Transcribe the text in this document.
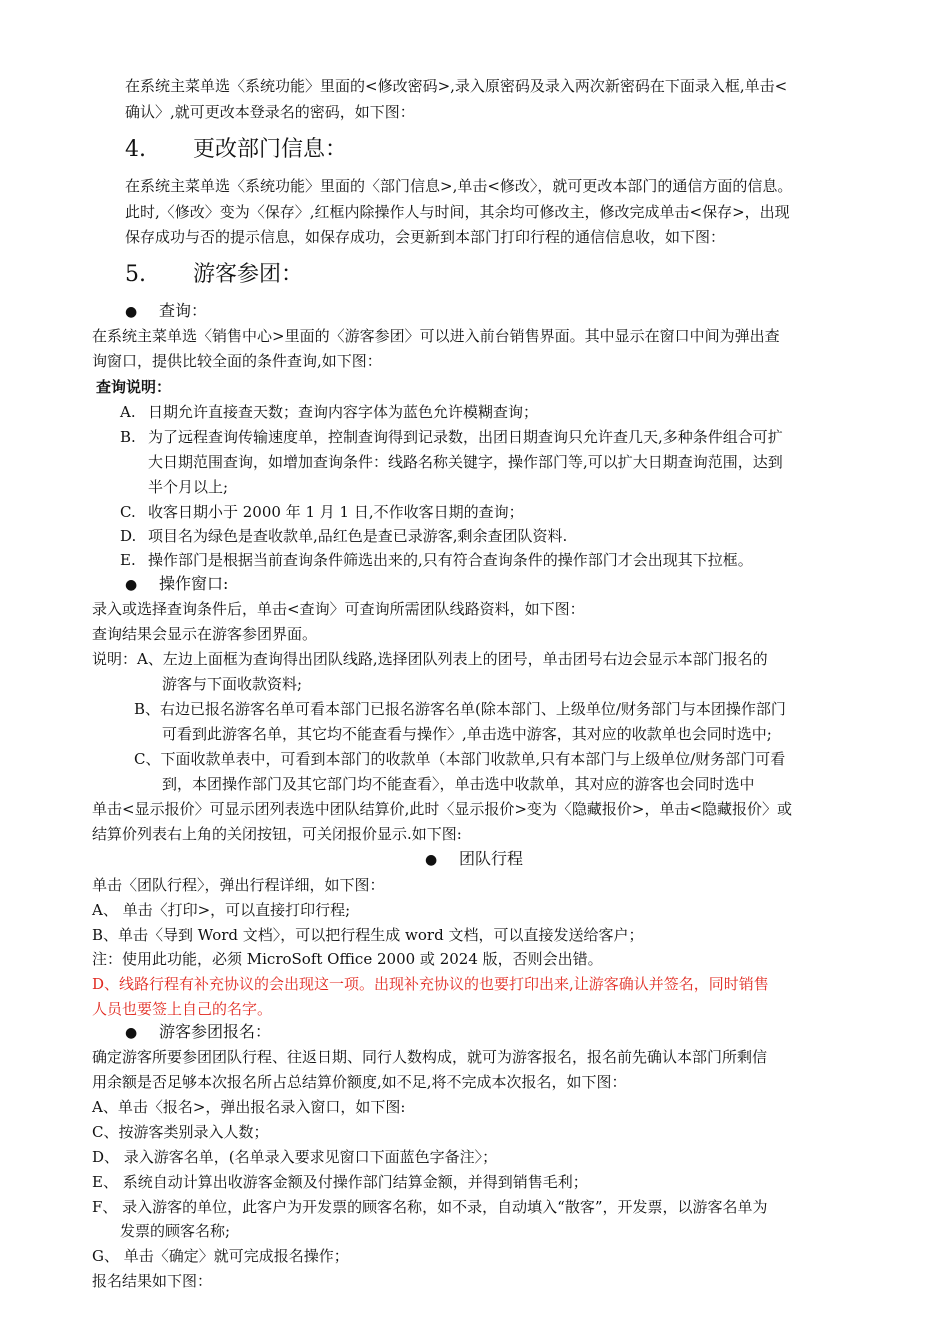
在系统主菜单选〈系统功能〉里面的<修改密码>,录入原密码及录入两次新密码在下面录入框,单击<
确认〉,就可更改本登录名的密码，如下图：
4. 更改部门信息：
在系统主菜单选〈系统功能〉里面的〈部门信息>,单击<修改〉，就可更改本部门的通信方面的信息。
此时,〈修改〉变为〈保存〉,红框内除操作人与时间，其余均可修改主，修改完成单击<保存>，出现
保存成功与否的提示信息，如保存成功，会更新到本部门打印行程的通信信息收，如下图：
5. 游客参团：
● 查询：
在系统主菜单选〈销售中心>里面的〈游客参团〉可以进入前台销售界面。其中显示在窗口中间为弹出查
询窗口，提供比较全面的条件查询,如下图：
查询说明：
A. 日期允许直接查天数；查询内容字体为蓝色允许模糊查询；
B. 为了远程查询传输速度单，控制查询得到记录数，出团日期查询只允许查几天,多种条件组合可扩
大日期范围查询，如增加查询条件：线路名称关键字，操作部门等,可以扩大日期查询范围，达到
半个月以上;
C. 收客日期小于 2000 年 1 月 1 日,不作收客日期的查询；
D. 项目名为绿色是查收款单,品红色是查已录游客,剩余查团队资料.
E. 操作部门是根据当前查询条件筛选出来的,只有符合查询条件的操作部门才会出现其下拉框。
● 操作窗口:
录入或选择查询条件后，单击<查询〉可查询所需团队线路资料，如下图：
查询结果会显示在游客参团界面。
说明：A、左边上面框为查询得出团队线路,选择团队列表上的团号，单击团号右边会显示本部门报名的
游客与下面收款资料;
B、右边已报名游客名单可看本部门已报名游客名单(除本部门、上级单位/财务部门与本团操作部门
可看到此游客名单，其它均不能查看与操作〉,单击选中游客，其对应的收款单也会同时选中;
C、下面收款单表中，可看到本部门的收款单（本部门收款单,只有本部门与上级单位/财务部门可看
到，本团操作部门及其它部门均不能查看〉，单击选中收款单，其对应的游客也会同时选中
单击<显示报价〉可显示团列表选中团队结算价,此时〈显示报价>变为〈隐藏报价>，单击<隐藏报价〉或
结算价列表右上角的关闭按钮，可关闭报价显示.如下图:
● 团队行程
单击〈团队行程〉，弹出行程详细，如下图：
A、 单击〈打印>，可以直接打印行程;
B、单击〈导到 Word 文档〉，可以把行程生成 word 文档，可以直接发送给客户；
注：使用此功能，必须 MicroSoft Office 2000 或 2024 版，否则会出错。
D、线路行程有补充协议的会出现这一项。出现补充协议的也要打印出来,让游客确认并签名，同时销售
人员也要签上自己的名字。
● 游客参团报名：
确定游客所要参团团队行程、往返日期、同行人数构成，就可为游客报名，报名前先确认本部门所剩信
用余额是否足够本次报名所占总结算价额度,如不足,将不完成本次报名，如下图：
A、单击〈报名>，弹出报名录入窗口，如下图:
C、按游客类别录入人数；
D、 录入游客名单，(名单录入要求见窗口下面蓝色字备注〉；
E、 系统自动计算出收游客金额及付操作部门结算金额，并得到销售毛利；
F、 录入游客的单位，此客户为开发票的顾客名称，如不录，自动填入“散客”，开发票，以游客名单为
发票的顾客名称;
G、 单击〈确定〉就可完成报名操作；
报名结果如下图：
